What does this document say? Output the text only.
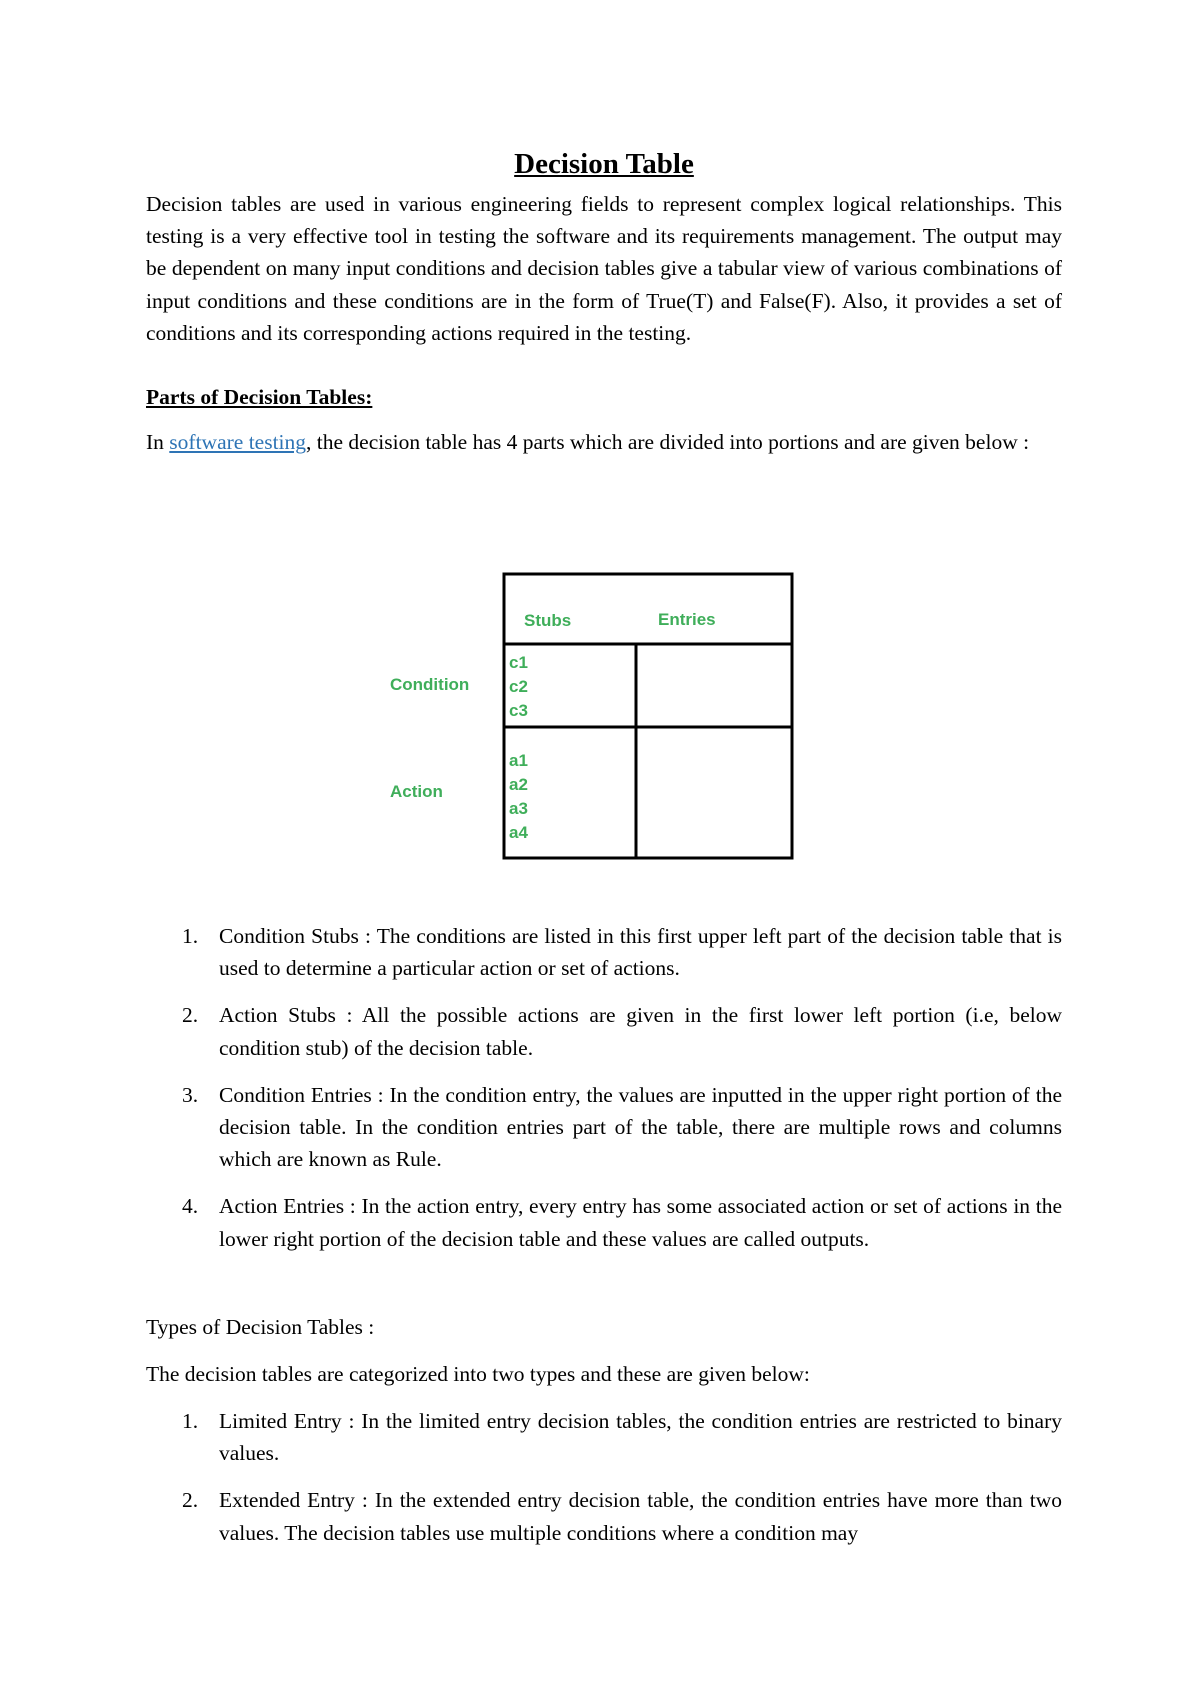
Decision Table

Decision tables are used in various engineering fields to represent complex logical relationships. This testing is a very effective tool in testing the software and its requirements management. The output may be dependent on many input conditions and decision tables give a tabular view of various combinations of input conditions and these conditions are in the form of True(T) and False(F). Also, it provides a set of conditions and its corresponding actions required in the testing.

Parts of Decision Tables:

In software testing, the decision table has 4 parts which are divided into portions and are given below :

Stubs	Entries
Condition
Action
c1
c2
c3
a1
a2
a3
a4
1. Condition Stubs : The conditions are listed in this first upper left part of the decision table that is used to determine a particular action or set of actions.
2. Action Stubs : All the possible actions are given in the first lower left portion (i.e, below condition stub) of the decision table.
3. Condition Entries : In the condition entry, the values are inputted in the upper right portion of the decision table. In the condition entries part of the table, there are multiple rows and columns which are known as Rule.
4. Action Entries : In the action entry, every entry has some associated action or set of actions in the lower right portion of the decision table and these values are called outputs.

Types of Decision Tables :

The decision tables are categorized into two types and these are given below:

1. Limited Entry : In the limited entry decision tables, the condition entries are restricted to binary values.
2. Extended Entry : In the extended entry decision table, the condition entries have more than two values. The decision tables use multiple conditions where a condition may
